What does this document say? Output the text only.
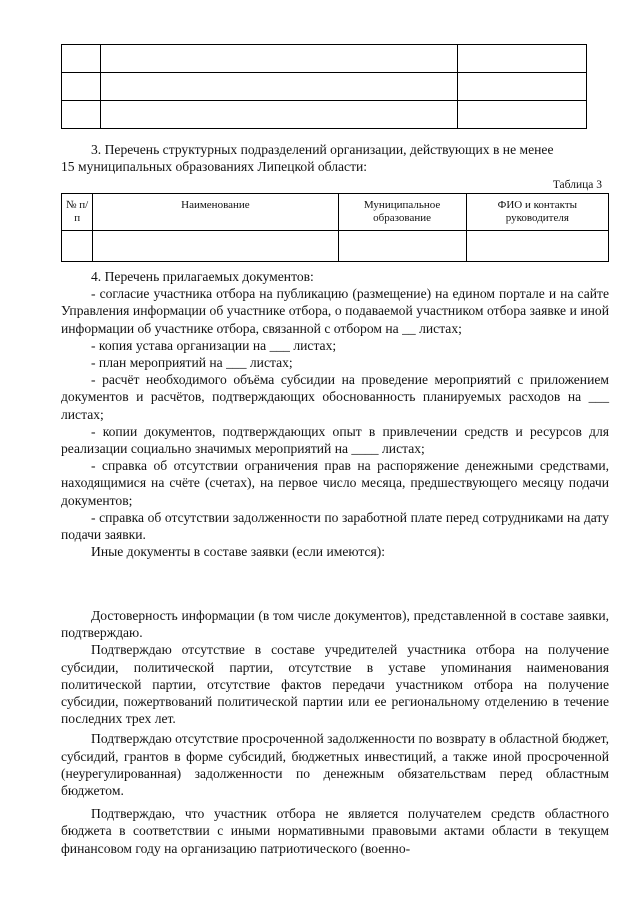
3. Перечень структурных подразделений организации, действующих в не менее
15 муниципальных образованиях Липецкой области:
Таблица 3
№ п/п	Наименование	Муниципальное образование	ФИО и контакты руководителя

4. Перечень прилагаемых документов:
- согласие участника отбора на публикацию (размещение) на едином портале и на сайте Управления информации об участнике отбора, о подаваемой участником отбора заявке и иной информации об участнике отбора, связанной с отбором на __ листах;
- копия устава организации на ___ листах;
- план мероприятий на ___ листах;
- расчёт необходимого объёма субсидии на проведение мероприятий с приложением документов и расчётов, подтверждающих обоснованность планируемых расходов на ___ листах;
- копии документов, подтверждающих опыт в привлечении средств и ресурсов для реализации социально значимых мероприятий на ____ листах;
- справка об отсутствии ограничения прав на распоряжение денежными средствами, находящимися на счёте (счетах), на первое число месяца, предшествующего месяцу подачи документов;
- справка об отсутствии задолженности по заработной плате перед сотрудниками на дату подачи заявки.
Иные документы в составе заявки (если имеются):
Достоверность информации (в том числе документов), представленной в составе заявки, подтверждаю.
Подтверждаю отсутствие в составе учредителей участника отбора на получение субсидии, политической партии, отсутствие в уставе упоминания наименования политической партии, отсутствие фактов передачи участником отбора на получение субсидии, пожертвований политической партии или ее региональному отделению в течение последних трех лет.
Подтверждаю отсутствие просроченной задолженности по возврату в областной бюджет, субсидий, грантов в форме субсидий, бюджетных инвестиций, а также иной просроченной (неурегулированная) задолженности по денежным обязательствам перед областным бюджетом.
Подтверждаю, что участник отбора не является получателем средств областного бюджета в соответствии с иными нормативными правовыми актами области в текущем финансовом году на организацию патриотического (военно-
